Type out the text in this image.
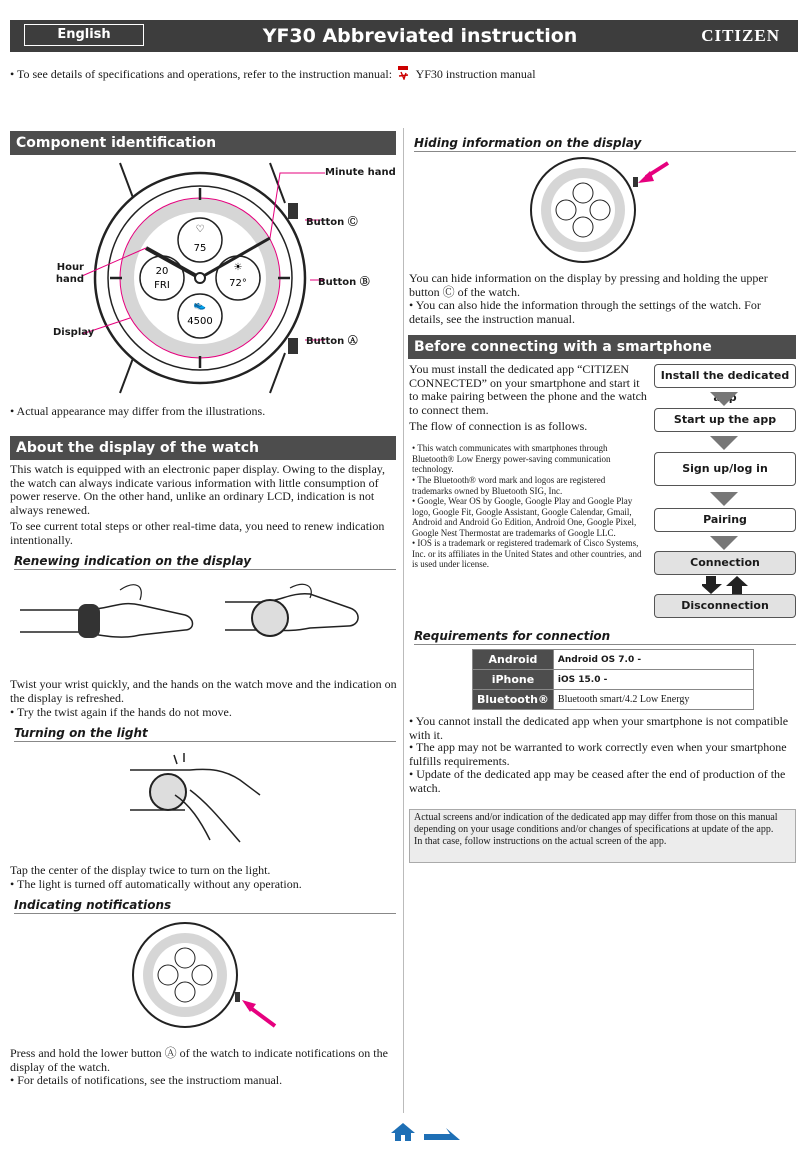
English	YF30 Abbreviated instruction	CITIZEN
• To see details of specifications and operations, refer to the instruction manual: YF30 instruction manual
Component identification
♡
75
20
FRI
☀
72°
👟
4500
Minute hand
Button Ⓒ
Hour hand	Button Ⓑ
Display
Button Ⓐ
• Actual appearance may differ from the illustrations.
About the display of the watch
This watch is equipped with an electronic paper display. Owing to the display, the watch can always indicate various information with little consumption of power reserve. On the other hand, unlike an ordinary LCD, indication is not always renewed.
To see current total steps or other real-time data, you need to renew indication intentionally.
Renewing indication on the display
Twist your wrist quickly, and the hands on the watch move and the indication on the display is refreshed.
• Try the twist again if the hands do not move.
Turning on the light
Tap the center of the display twice to turn on the light.
• The light is turned off automatically without any operation.
Indicating notifications
Press and hold the lower button Ⓐ of the watch to indicate notifications on the display of the watch.
• For details of notifications, see the instructiom manual.
Hiding information on the display
You can hide information on the display by pressing and holding the upper button Ⓒ of the watch.
• You can also hide the information through the settings of the watch. For details, see the instruction manual.
Before connecting with a smartphone
You must install the dedicated app “CITIZEN CONNECTED” on your smartphone and start it to make pairing between the phone and the watch to connect them.
The flow of connection is as follows.
• This watch communicates with smartphones through Bluetooth® Low Energy power-saving communication technology.
• The Bluetooth® word mark and logos are registered trademarks owned by Bluetooth SIG, Inc.
• Google, Wear OS by Google, Google Play and Google Play logo, Google Fit, Google Assistant, Google Calendar, Gmail, Android and Android Go Edition, Android One, Google Pixel, Google Nest Thermostat are trademarks of Google LLC.
• IOS is a trademark or registered trademark of Cisco Systems, Inc. or its affiliates in the United States and other countries, and is used under license.
Install the dedicated app
Start up the app
Sign up/log in
Pairing
Connection
Disconnection
Requirements for connection
Android	Android OS 7.0 -
iPhone	iOS 15.0 -
Bluetooth®	Bluetooth smart/4.2 Low Energy
• You cannot install the dedicated app when your smartphone is not compatible with it.
• The app may not be warranted to work correctly even when your smartphone fulfills requirements.
• Update of the dedicated app may be ceased after the end of production of the watch.
Actual screens and/or indication of the dedicated app may differ from those on this manual depending on your usage conditions and/or changes of specifications at update of the app.
In that case, follow instructions on the actual screen of the app.
